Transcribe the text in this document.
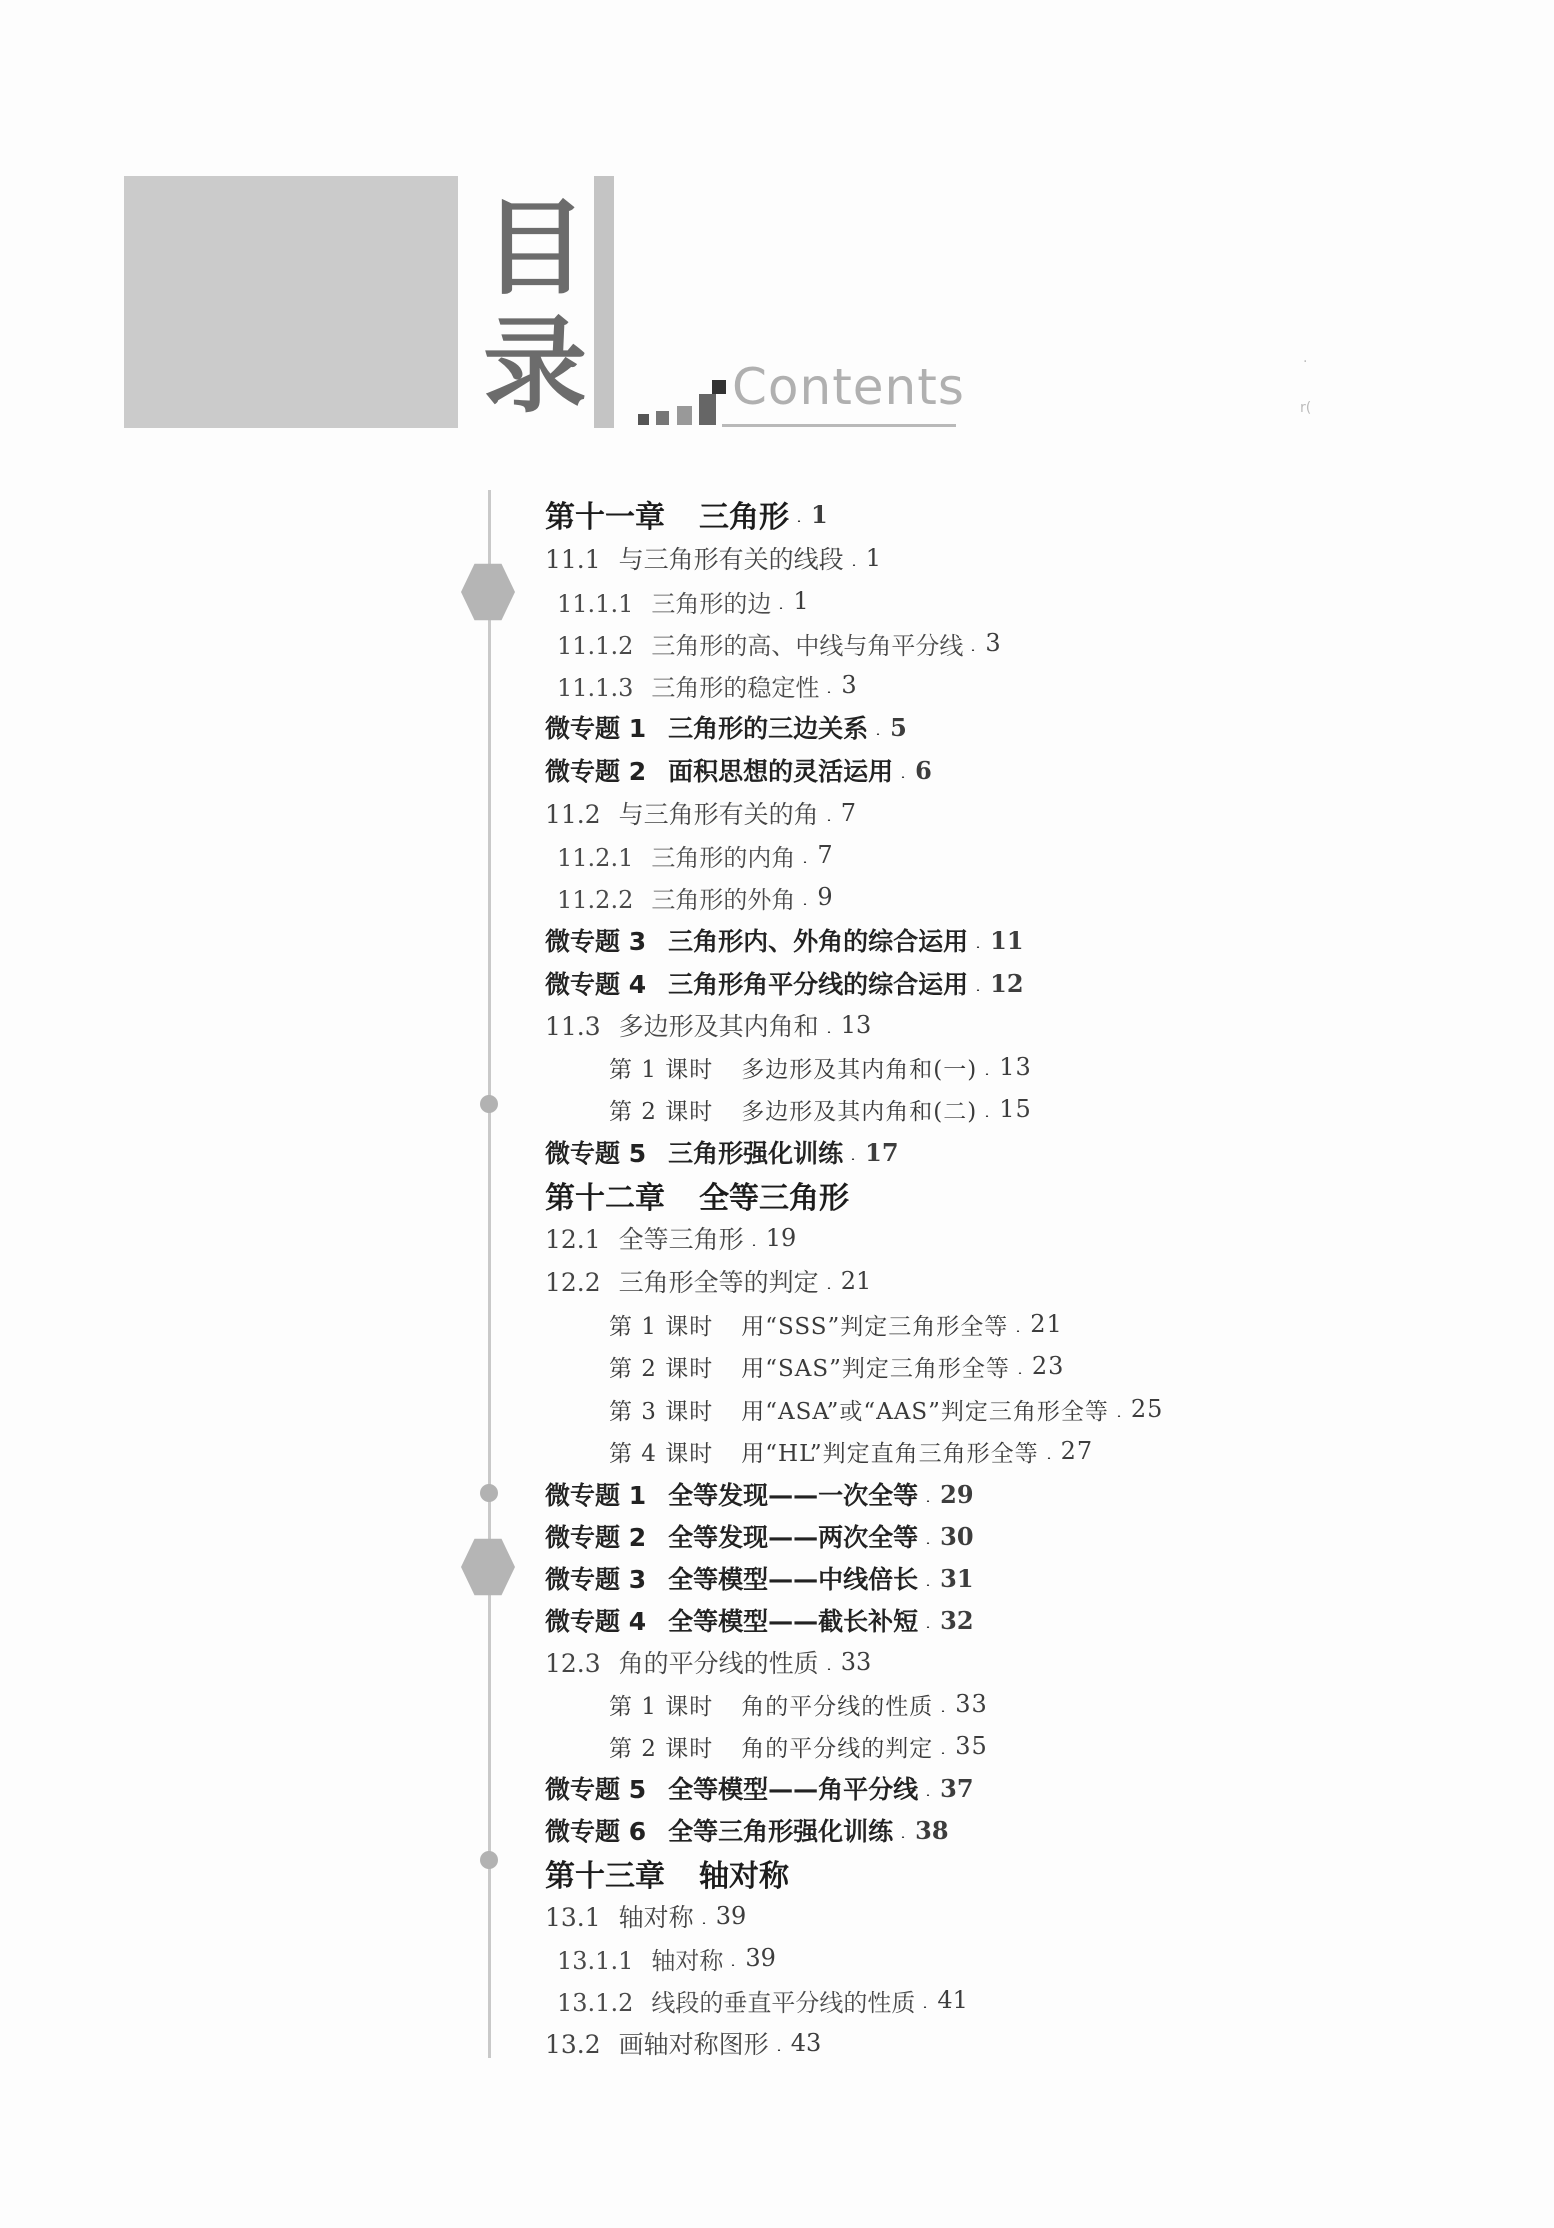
目
录	Contents	·
r(
第十一章 三角形 1
11.1 与三角形有关的线段 1
11.1.1 三角形的边 1
11.1.2 三角形的高、中线与角平分线 3
11.1.3 三角形的稳定性 3
微专题 1 三角形的三边关系 5
微专题 2 面积思想的灵活运用 6
11.2 与三角形有关的角 7
11.2.1 三角形的内角 7
11.2.2 三角形的外角 9
微专题 3 三角形内、外角的综合运用 11
微专题 4 三角形角平分线的综合运用 12
11.3 多边形及其内角和 13
第 1 课时 多边形及其内角和(一) 13
第 2 课时 多边形及其内角和(二) 15
微专题 5 三角形强化训练 17
第十二章 全等三角形
12.1 全等三角形 19
12.2 三角形全等的判定 21
第 1 课时 用“SSS”判定三角形全等 21
第 2 课时 用“SAS”判定三角形全等 23
第 3 课时 用“ASA”或“AAS”判定三角形全等 25
第 4 课时 用“HL”判定直角三角形全等 27
微专题 1 全等发现——一次全等 29
微专题 2 全等发现——两次全等 30
微专题 3 全等模型——中线倍长 31
微专题 4 全等模型——截长补短 32
12.3 角的平分线的性质 33
第 1 课时 角的平分线的性质 33
第 2 课时 角的平分线的判定 35
微专题 5 全等模型——角平分线 37
微专题 6 全等三角形强化训练 38
第十三章 轴对称
13.1 轴对称 39
13.1.1 轴对称 39
13.1.2 线段的垂直平分线的性质 41
13.2 画轴对称图形 43
